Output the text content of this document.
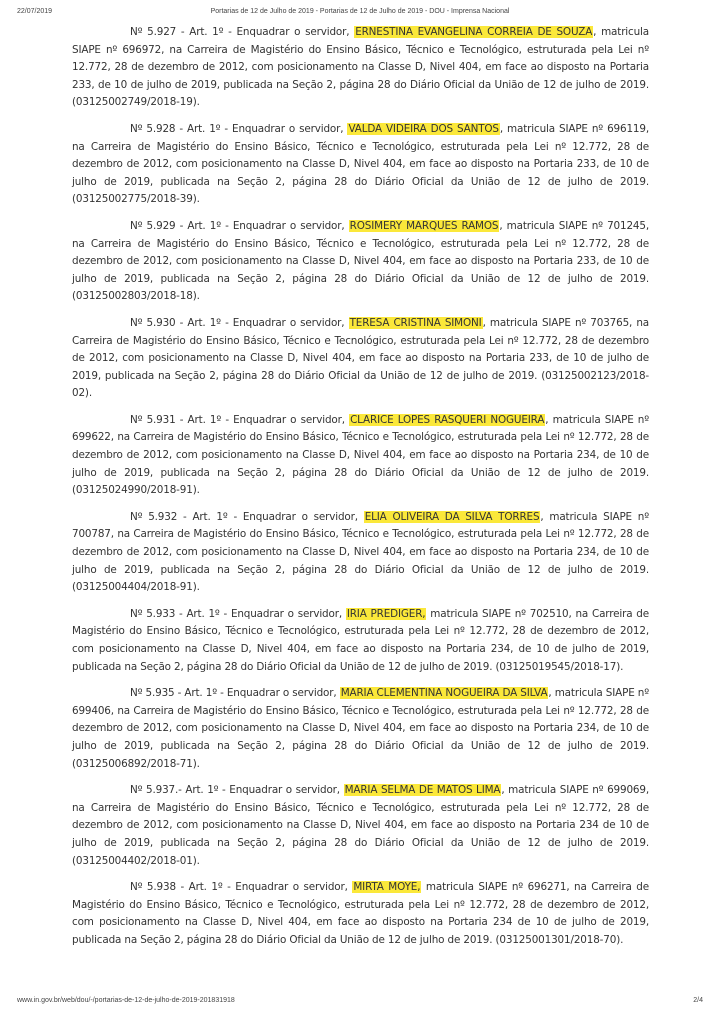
22/07/2019	Portarias de 12 de Julho de 2019 - Portarias de 12 de Julho de 2019 - DOU - Imprensa Nacional

Nº 5.927 - Art. 1º - Enquadrar o servidor, ERNESTINA EVANGELINA CORREIA DE SOUZA, matricula SIAPE nº 696972, na Carreira de Magistério do Ensino Básico, Técnico e Tecnológico, estruturada pela Lei nº 12.772, 28 de dezembro de 2012, com posicionamento na Classe D, Nivel 404, em face ao disposto na Portaria 233, de 10 de julho de 2019, publicada na Seção 2, página 28 do Diário Oficial da União de 12 de julho de 2019. (03125002749/2018-19).

Nº 5.928 - Art. 1º - Enquadrar o servidor, VALDA VIDEIRA DOS SANTOS, matricula SIAPE nº 696119, na Carreira de Magistério do Ensino Básico, Técnico e Tecnológico, estruturada pela Lei nº 12.772, 28 de dezembro de 2012, com posicionamento na Classe D, Nivel 404, em face ao disposto na Portaria 233, de 10 de julho de 2019, publicada na Seção 2, página 28 do Diário Oficial da União de 12 de julho de 2019. (03125002775/2018-39).

Nº 5.929 - Art. 1º - Enquadrar o servidor, ROSIMERY MARQUES RAMOS, matricula SIAPE nº 701245, na Carreira de Magistério do Ensino Básico, Técnico e Tecnológico, estruturada pela Lei nº 12.772, 28 de dezembro de 2012, com posicionamento na Classe D, Nivel 404, em face ao disposto na Portaria 233, de 10 de julho de 2019, publicada na Seção 2, página 28 do Diário Oficial da União de 12 de julho de 2019. (03125002803/2018-18).

Nº 5.930 - Art. 1º - Enquadrar o servidor, TERESA CRISTINA SIMONI, matricula SIAPE nº 703765, na Carreira de Magistério do Ensino Básico, Técnico e Tecnológico, estruturada pela Lei nº 12.772, 28 de dezembro de 2012, com posicionamento na Classe D, Nivel 404, em face ao disposto na Portaria 233, de 10 de julho de 2019, publicada na Seção 2, página 28 do Diário Oficial da União de 12 de julho de 2019. (03125002123/2018-02).

Nº 5.931 - Art. 1º - Enquadrar o servidor, CLARICE LOPES RASQUERI NOGUEIRA, matricula SIAPE nº 699622, na Carreira de Magistério do Ensino Básico, Técnico e Tecnológico, estruturada pela Lei nº 12.772, 28 de dezembro de 2012, com posicionamento na Classe D, Nivel 404, em face ao disposto na Portaria 234, de 10 de julho de 2019, publicada na Seção 2, página 28 do Diário Oficial da União de 12 de julho de 2019. (03125024990/2018-91).

Nº 5.932 - Art. 1º - Enquadrar o servidor, ELIA OLIVEIRA DA SILVA TORRES, matricula SIAPE nº 700787, na Carreira de Magistério do Ensino Básico, Técnico e Tecnológico, estruturada pela Lei nº 12.772, 28 de dezembro de 2012, com posicionamento na Classe D, Nivel 404, em face ao disposto na Portaria 234, de 10 de julho de 2019, publicada na Seção 2, página 28 do Diário Oficial da União de 12 de julho de 2019. (03125004404/2018-91).

Nº 5.933 - Art. 1º - Enquadrar o servidor, IRIA PREDIGER, matricula SIAPE nº 702510, na Carreira de Magistério do Ensino Básico, Técnico e Tecnológico, estruturada pela Lei nº 12.772, 28 de dezembro de 2012, com posicionamento na Classe D, Nivel 404, em face ao disposto na Portaria 234, de 10 de julho de 2019, publicada na Seção 2, página 28 do Diário Oficial da União de 12 de julho de 2019. (03125019545/2018-17).

Nº 5.935 - Art. 1º - Enquadrar o servidor, MARIA CLEMENTINA NOGUEIRA DA SILVA, matricula SIAPE nº 699406, na Carreira de Magistério do Ensino Básico, Técnico e Tecnológico, estruturada pela Lei nº 12.772, 28 de dezembro de 2012, com posicionamento na Classe D, Nivel 404, em face ao disposto na Portaria 234, de 10 de julho de 2019, publicada na Seção 2, página 28 do Diário Oficial da União de 12 de julho de 2019. (03125006892/2018-71).

Nº 5.937.- Art. 1º - Enquadrar o servidor, MARIA SELMA DE MATOS LIMA, matricula SIAPE nº 699069, na Carreira de Magistério do Ensino Básico, Técnico e Tecnológico, estruturada pela Lei nº 12.772, 28 de dezembro de 2012, com posicionamento na Classe D, Nivel 404, em face ao disposto na Portaria 234 de 10 de julho de 2019, publicada na Seção 2, página 28 do Diário Oficial da União de 12 de julho de 2019. (03125004402/2018-01).

Nº 5.938 - Art. 1º - Enquadrar o servidor, MIRTA MOYE, matricula SIAPE nº 696271, na Carreira de Magistério do Ensino Básico, Técnico e Tecnológico, estruturada pela Lei nº 12.772, 28 de dezembro de 2012, com posicionamento na Classe D, Nivel 404, em face ao disposto na Portaria 234 de 10 de julho de 2019, publicada na Seção 2, página 28 do Diário Oficial da União de 12 de julho de 2019. (03125001301/2018-70).

www.in.gov.br/web/dou/-/portarias-de-12-de-julho-de-2019-201831918	2/4
